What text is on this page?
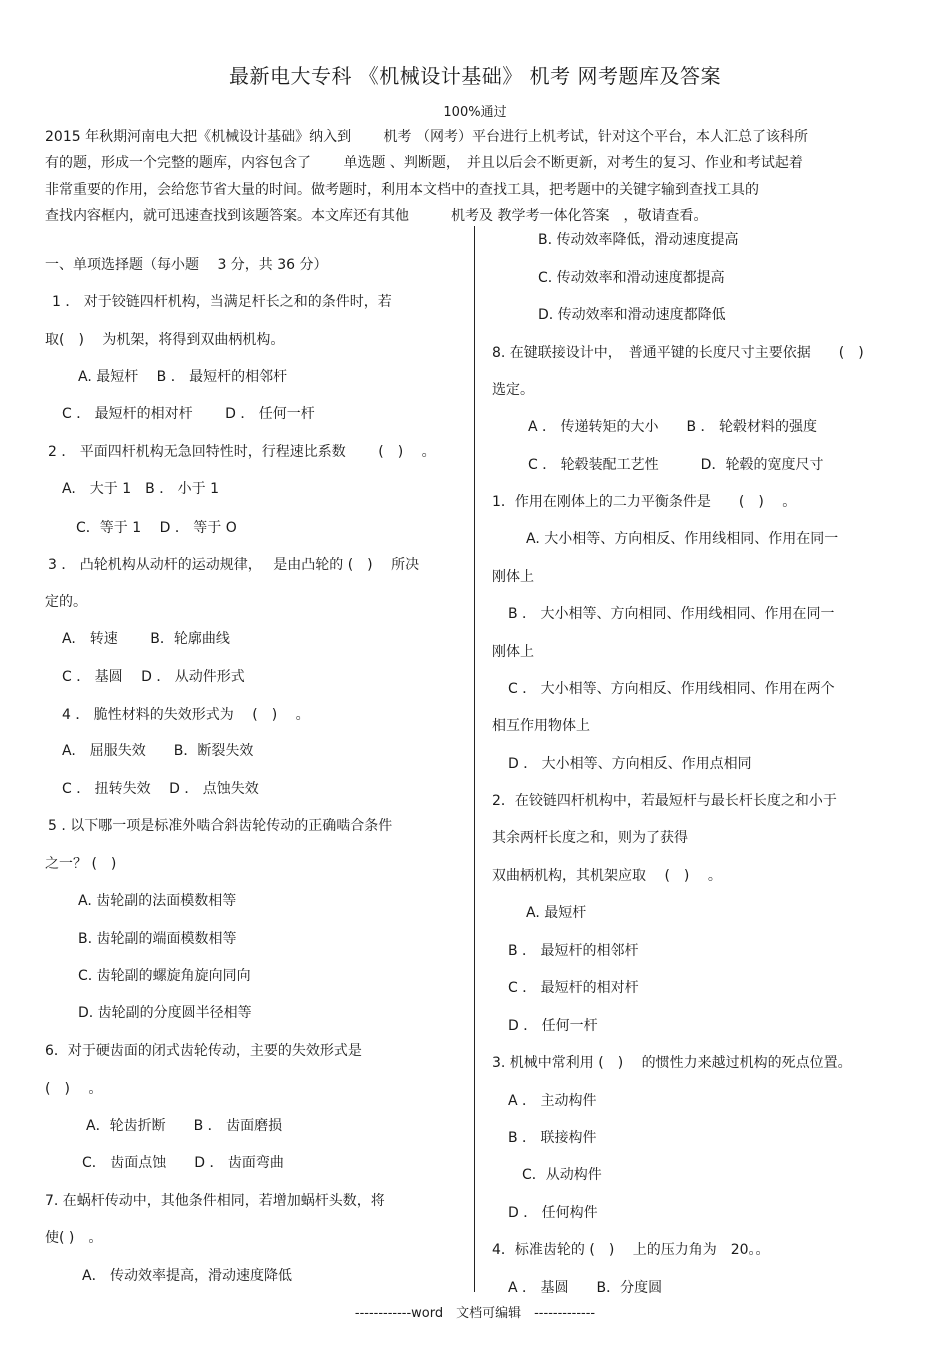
最新电大专科 《机械设计基础》 机考 网考题库及答案
100%通过
2015 年秋期河南电大把《机械设计基础》纳入到　　 机考 （网考）平台进行上机考试，针对这个平台，本人汇总了该科所
有的题，形成一个完整的题库，内容包含了　　 单选题 、判断题，　并且以后会不断更新，对考生的复习、作业和考试起着
非常重要的作用，会给您节省大量的时间。做考题时，利用本文档中的查找工具，把考题中的关键字输到查找工具的
查找内容框内，就可迅速查找到该题答案。本文库还有其他　　　机考及 教学考一体化答案　，敬请查看。
一、单项选择题（每小题　 3 分，共 36 分）
1 ． 对于铰链四杆机构，当满足杆长之和的条件时，若
取(　)　 为机架，将得到双曲柄机构。
A. 最短杆　 B ． 最短杆的相邻杆
C ． 最短杆的相对杆　　 D ． 任何一杆
2 ． 平面四杆机构无急回特性时，行程速比系数　　 (　)　 。
A.　大于 1　B ． 小于 1
C．等于 1　 D ． 等于 O
3 ． 凸轮机构从动杆的运动规律，　 是由凸轮的 (　)　 所决
定的。
A.　转速　　 B．轮廓曲线
C ． 基圆　 D ． 从动件形式
4 ． 脆性材料的失效形式为　 (　)　 。
A.　屈服失效　　B．断裂失效
C ． 扭转失效　 D ． 点蚀失效
5 . 以下哪一项是标准外啮合斜齿轮传动的正确啮合条件
之一？ (　)
A. 齿轮副的法面模数相等
B. 齿轮副的端面模数相等
C. 齿轮副的螺旋角旋向同向
D. 齿轮副的分度圆半径相等
6．对于硬齿面的闭式齿轮传动，主要的失效形式是
(　)　 。
A．轮齿折断　　B ． 齿面磨损
C． 齿面点蚀　　D ． 齿面弯曲
7. 在蜗杆传动中，其他条件相同，若增加蜗杆头数，将
使( )　。
A． 传动效率提高，滑动速度降低
B. 传动效率降低，滑动速度提高
C. 传动效率和滑动速度都提高
D. 传动效率和滑动速度都降低
8. 在键联接设计中，　普通平键的长度尺寸主要依据　　(　)
选定。
A ． 传递转矩的大小　　B ． 轮毂材料的强度
C ． 轮毂装配工艺性　　　D．轮毂的宽度尺寸
1．作用在刚体上的二力平衡条件是　　(　)　 。
A. 大小相等、方向相反、作用线相同、作用在同一
刚体上
B ． 大小相等、方向相同、作用线相同、作用在同一
刚体上
C ． 大小相等、方向相反、作用线相同、作用在两个
相互作用物体上
D ． 大小相等、方向相反、作用点相同
2．在铰链四杆机构中，若最短杆与最长杆长度之和小于
其余两杆长度之和，则为了获得
双曲柄机构，其机架应取　 (　)　 。
A. 最短杆
B ． 最短杆的相邻杆
C ． 最短杆的相对杆
D ． 任何一杆
3. 机械中常利用 (　)　 的惯性力来越过机构的死点位置。
A ． 主动构件
B ． 联接构件
C．从动构件
D ． 任何构件
4．标准齿轮的 (　)　 上的压力角为　20。。
A ． 基圆　　B．分度圆
------------word　文档可编辑　-------------
